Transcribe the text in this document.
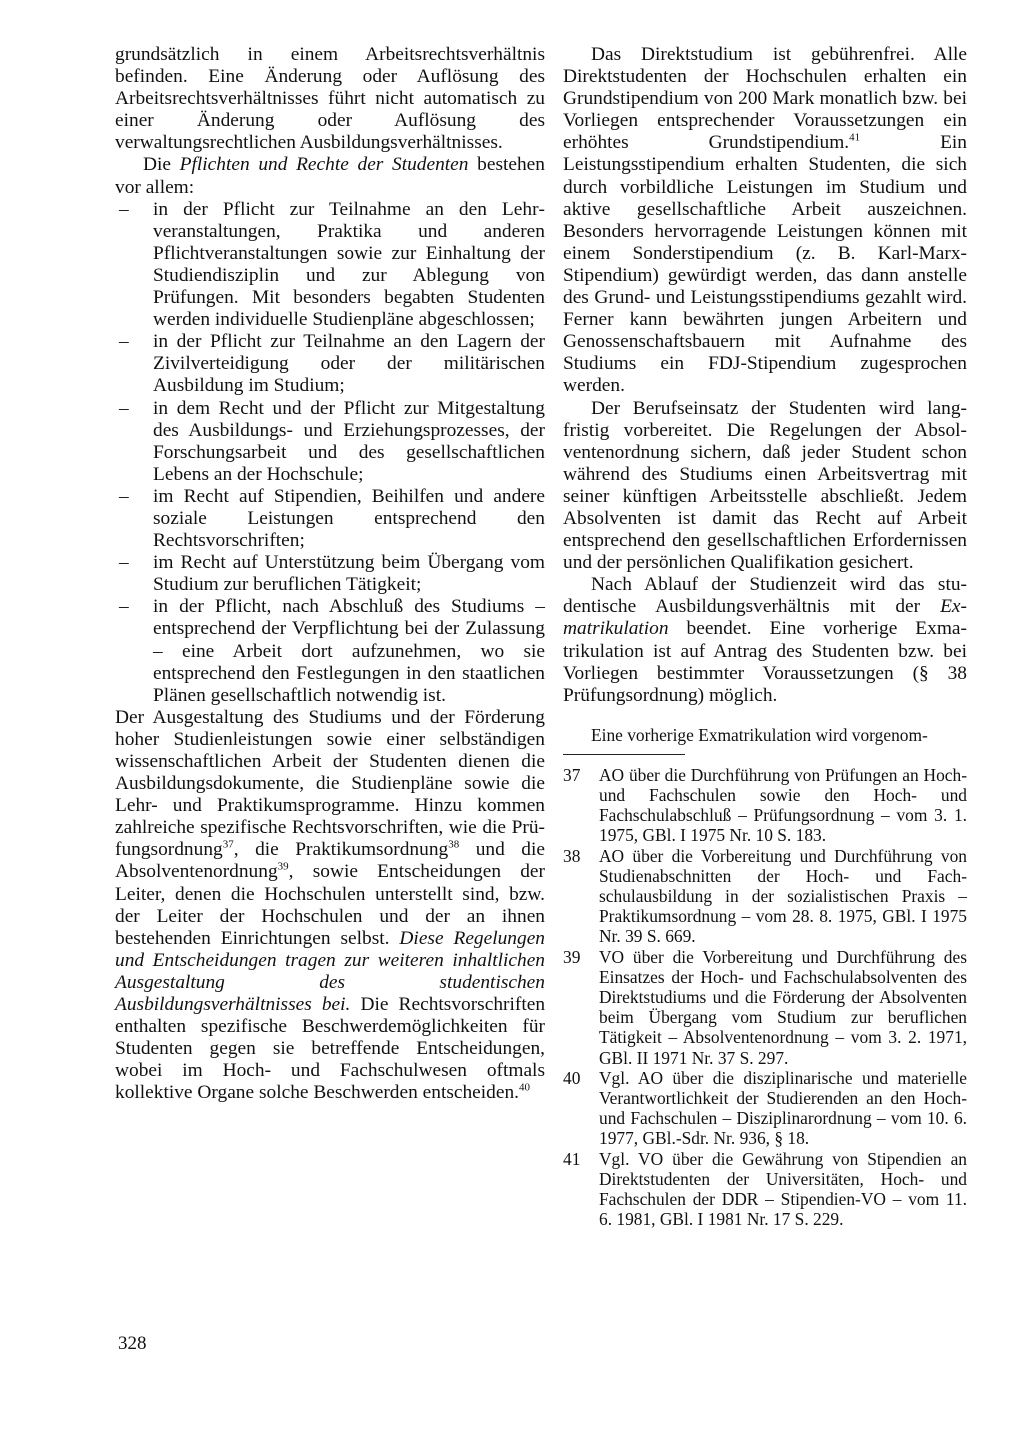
grundsätzlich in einem Arbeitsrechtsverhältnis befinden. Eine Änderung oder Auflösung des Arbeitsrechtsverhältnisses führt nicht automatisch zu einer Änderung oder Auflösung des verwaltungsrechtlichen Ausbildungsverhältnisses.

Die Pflichten und Rechte der Studenten bestehen vor allem:

– in der Pflicht zur Teilnahme an den Lehrveranstaltungen, Praktika und anderen Pflichtveranstaltungen sowie zur Einhaltung der Studiendisziplin und zur Ablegung von Prüfungen. Mit besonders begabten Studenten werden individuelle Studienpläne abgeschlossen;
– in der Pflicht zur Teilnahme an den Lagern der Zivilverteidigung oder der militärischen Ausbildung im Studium;
– in dem Recht und der Pflicht zur Mitgestaltung des Ausbildungs- und Erziehungsprozesses, der Forschungsarbeit und des gesellschaftlichen Lebens an der Hochschule;
– im Recht auf Stipendien, Beihilfen und andere soziale Leistungen entsprechend den Rechtsvorschriften;
– im Recht auf Unterstützung beim Übergang vom Studium zur beruflichen Tätigkeit;
– in der Pflicht, nach Abschluß des Studiums – entsprechend der Verpflichtung bei der Zulassung – eine Arbeit dort aufzunehmen, wo sie entsprechend den Festlegungen in den staatlichen Plänen gesellschaftlich notwendig ist.

Der Ausgestaltung des Studiums und der Förderung hoher Studienleistungen sowie einer selbständigen wissenschaftlichen Arbeit der Studenten dienen die Ausbildungsdokumente, die Studienpläne sowie die Lehr- und Praktikumsprogramme. Hinzu kommen zahlreiche spezifische Rechtsvorschriften, wie die Prüfungsordnung$^{37}$, die Praktikumsordnung$^{38}$ und die Absolventenordnung$^{39}$, sowie Entscheidungen der Leiter, denen die Hochschulen unterstellt sind, bzw. der Leiter der Hochschulen und der an ihnen bestehenden Einrichtungen selbst. Diese Regelungen und Entscheidungen tragen zur weiteren inhaltlichen Ausgestaltung des studentischen Ausbildungsverhältnisses bei. Die Rechtsvorschriften enthalten spezifische Beschwerdemöglichkeiten für Studenten gegen sie betreffende Entscheidungen, wobei im Hoch- und Fachschulwesen oftmals kollektive Organe solche Beschwerden entscheiden.$^{40}$

Das Direktstudium ist gebührenfrei. Alle Direktstudenten der Hochschulen erhalten ein Grundstipendium von 200 Mark monatlich bzw. bei Vorliegen entsprechender Voraussetzungen ein erhöhtes Grundstipendium.$^{41}$ Ein Leistungsstipendium erhalten Studenten, die sich durch vorbildliche Leistungen im Studium und aktive gesellschaftliche Arbeit auszeichnen. Besonders hervorragende Leistungen können mit einem Sonderstipendium (z. B. Karl-Marx-Stipendium) gewürdigt werden, das dann anstelle des Grund- und Leistungsstipendiums gezahlt wird. Ferner kann bewährten jungen Arbeitern und Genossenschaftsbauern mit Aufnahme des Studiums ein FDJ-Stipendium zugesprochen werden.

Der Berufseinsatz der Studenten wird langfristig vorbereitet. Die Regelungen der Absolventenordnung sichern, daß jeder Student schon während des Studiums einen Arbeitsvertrag mit seiner künftigen Arbeitsstelle abschließt. Jedem Absolventen ist damit das Recht auf Arbeit entsprechend den gesellschaftlichen Erfordernissen und der persönlichen Qualifikation gesichert.

Nach Ablauf der Studienzeit wird das studentische Ausbildungsverhältnis mit der Exmatrikulation beendet. Eine vorherige Exmatrikulation ist auf Antrag des Studenten bzw. bei Vorliegen bestimmter Voraussetzungen (§ 38 Prüfungsordnung) möglich.

Eine vorherige Exmatrikulation wird vorgenom-

37 AO über die Durchführung von Prüfungen an Hoch- und Fachschulen sowie den Hoch- und Fachschulabschluß – Prüfungsordnung – vom 3. 1. 1975, GBl. I 1975 Nr. 10 S. 183.

38 AO über die Vorbereitung und Durchführung von Studienabschnitten der Hoch- und Fachschulausbildung in der sozialistischen Praxis – Praktikumsordnung – vom 28. 8. 1975, GBl. I 1975 Nr. 39 S. 669.

39 VO über die Vorbereitung und Durchführung des Einsatzes der Hoch- und Fachschulabsolventen des Direktstudiums und die Förderung der Absolventen beim Übergang vom Studium zur beruflichen Tätigkeit – Absolventenordnung – vom 3. 2. 1971, GBl. II 1971 Nr. 37 S. 297.

40 Vgl. AO über die disziplinarische und materielle Verantwortlichkeit der Studierenden an den Hoch- und Fachschulen – Disziplinarordnung – vom 10. 6. 1977, GBl.-Sdr. Nr. 936, § 18.

41 Vgl. VO über die Gewährung von Stipendien an Direktstudenten der Universitäten, Hoch- und Fachschulen der DDR – Stipendien-VO – vom 11. 6. 1981, GBl. I 1981 Nr. 17 S. 229.

328
